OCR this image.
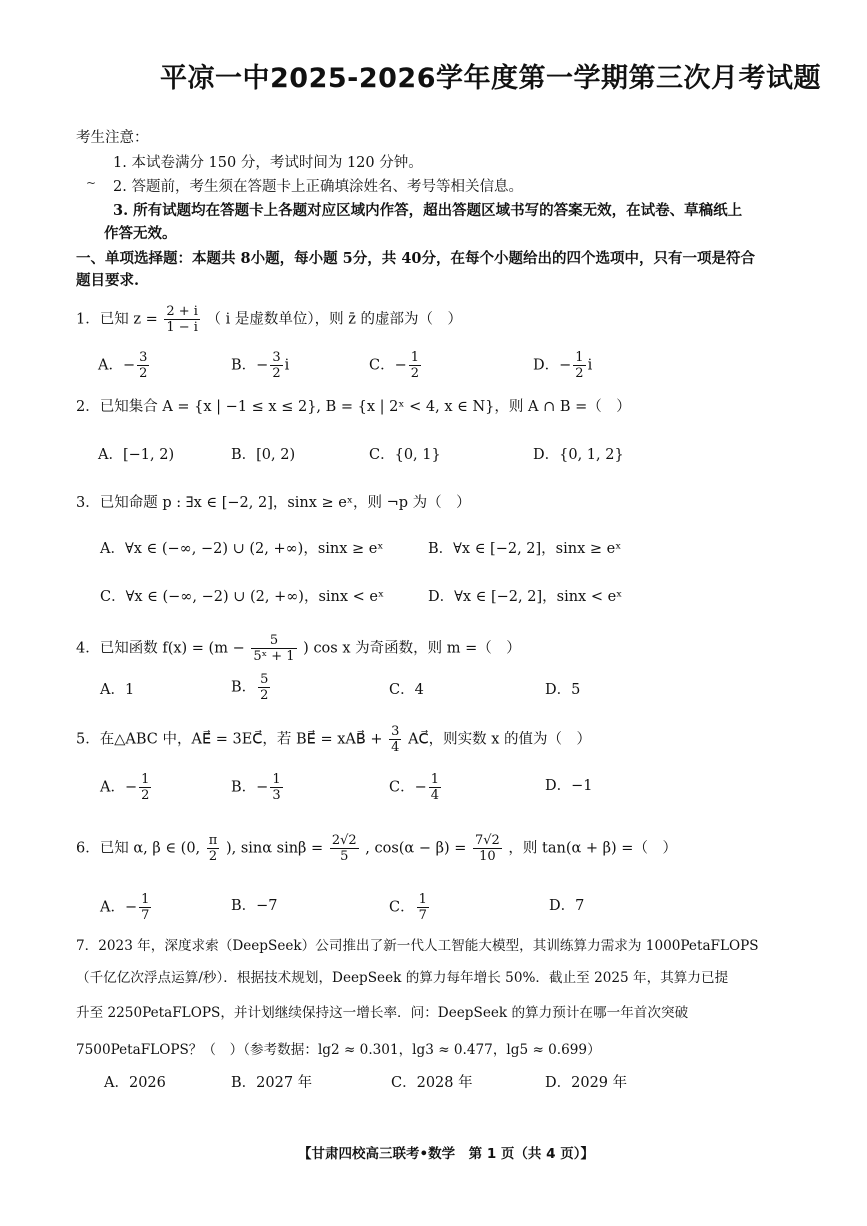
平凉一中2025-2026学年度第一学期第三次月考试题
考生注意：
1. 本试卷满分 150 分，考试时间为 120 分钟。
~ 2. 答题前，考生须在答题卡上正确填涂姓名、考号等相关信息。
3. 所有试题均在答题卡上各题对应区域内作答，超出答题区域书写的答案无效，在试卷、草稿纸上
作答无效。
一、单项选择题：本题共 8小题，每小题 5分，共 40分，在每个小题给出的四个选项中，只有一项是符合
题目要求.
1．已知 $z = \frac{2 + i}{1 - i}$ （ i 是虚数单位），则 z̄ 的虚部为（　）
A．− $\frac{3}{2}$	B．− $\frac{3}{2}$ i	C．− $\frac{1}{2}$	D．− $\frac{1}{2}$ i
2．已知集合 A = {x | −1 ≤ x ≤ 2}, B = {x | 2ˣ < 4, x ∈ N}，则 A ∩ B =（　）
A．[−1, 2)	B．[0, 2)	C．{0, 1}	D．{0, 1, 2}
3．已知命题 p : ∃x ∈ [−2, 2]，sinx ≥ eˣ，则 ¬p 为（　）
A．∀x ∈ (−∞, −2) ∪ (2, +∞)，sinx ≥ eˣ	B．∀x ∈ [−2, 2]，sinx ≥ eˣ
C．∀x ∈ (−∞, −2) ∪ (2, +∞)，sinx < eˣ	D．∀x ∈ [−2, 2]，sinx < eˣ
4．已知函数 $f(x) = (m - \frac{5}{\text{5ˣ + 1}}$ ) cos x 为奇函数，则 m =（　）
A．1	B． $\frac{5}{2}$	C．4	D．5
5．在△ABC 中，AE⃗ = 3EC⃗，若 BE⃗ = xAB⃗ + $\frac{3}{4}$ AC⃗，则实数 x 的值为（　）
A．− $\frac{1}{2}$	B．− $\frac{1}{3}$	C．− $\frac{1}{4}$	D．−1
6．已知 α, β ∈ (0, $\frac{\pi}{2}$ ), sinα $\sin\beta = \frac{2√2}{5}$ , $\cos(\alpha - \beta) = \frac{7√2}{10}$ ，则 tan(α + β) =（　）
A．− $\frac{1}{7}$	B．−7	C． $\frac{1}{7}$	D．7
7．2023 年，深度求索（DeepSeek）公司推出了新一代人工智能大模型，其训练算力需求为 1000PetaFLOPS
（千亿亿次浮点运算/秒）．根据技术规划，DeepSeek 的算力每年增长 50%．截止至 2025 年，其算力已提
升至 2250PetaFLOPS，并计划继续保持这一增长率．问：DeepSeek 的算力预计在哪一年首次突破
7500PetaFLOPS？（　）（参考数据：lg2 ≈ 0.301，lg3 ≈ 0.477，lg5 ≈ 0.699）
A．2026	B．2027 年	C．2028 年	D．2029 年
【甘肃四校高三联考•数学　第 1 页（共 4 页）】
